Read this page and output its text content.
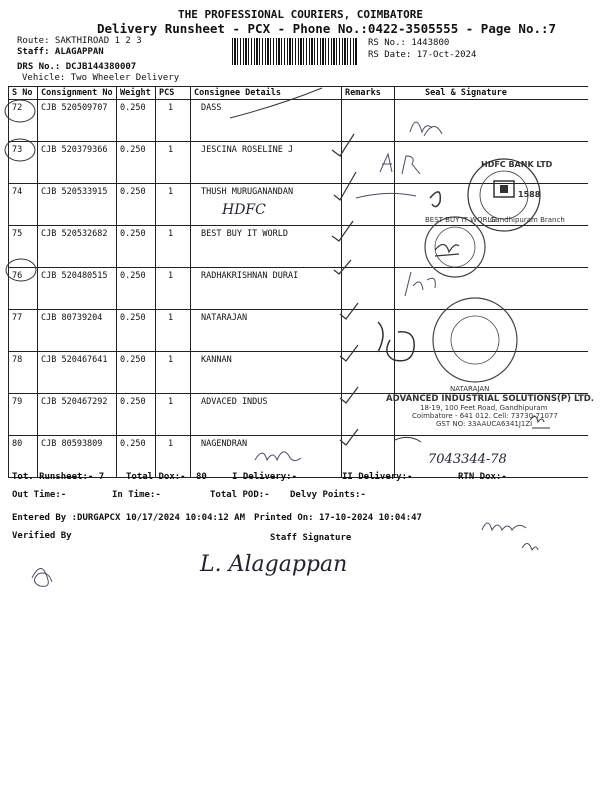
THE PROFESSIONAL COURIERS, COIMBATORE
Delivery Runsheet - PCX - Phone No.:0422-3505555 - Page No.:7
Route: SAKTHIROAD 1 2 3
Staff: ALAGAPPAN
DRS No.: DCJB144380007
Vehicle: Two Wheeler Delivery
RS No.: 1443800
RS Date: 17-Oct-2024
S No	Consignment No	Weight	PCS	Consignee Details	Remarks	Seal & Signature
72	CJB 520509707	0.250	1	DASS		
73	CJB 520379366	0.250	1	JESCINA ROSELINE J		
74	CJB 520533915	0.250	1	THUSH MURUGANANDAN		
75	CJB 520532682	0.250	1	BEST BUY IT WORLD		
76	CJB 520480515	0.250	1	RADHAKRISHNAN DURAI		
77	CJB 80739204	0.250	1	NATARAJAN		
78	CJB 520467641	0.250	1	KANNAN		
79	CJB 520467292	0.250	1	ADVACED INDUS		
80	CJB 80593809	0.250	1	NAGENDRAN		
HDFC BANK LTD
Gandhipuram Branch
1588
BEST BUY IT WORLD
NATARAJAN
ADVANCED INDUSTRIAL SOLUTIONS(P) LTD.
18-19, 100 Feet Road, Gandhipuram
Coimbatore - 641 012. Cell: 73730-71077
GST NO: 33AAUCA6341J1ZI
HDFC
7043344-78
L. Alagappan
Tot. Runsheet:- 7 Total Dox:- 80	I Delivery:-	II Delivery:-	RTN Dox:-
Out Time:-	In Time:-	Total POD:- Delvy Points:-
Entered By :DURGAPCX 10/17/2024 10:04:12 AM Printed On: 17-10-2024 10:04:47
Verified By	Staff Signature
